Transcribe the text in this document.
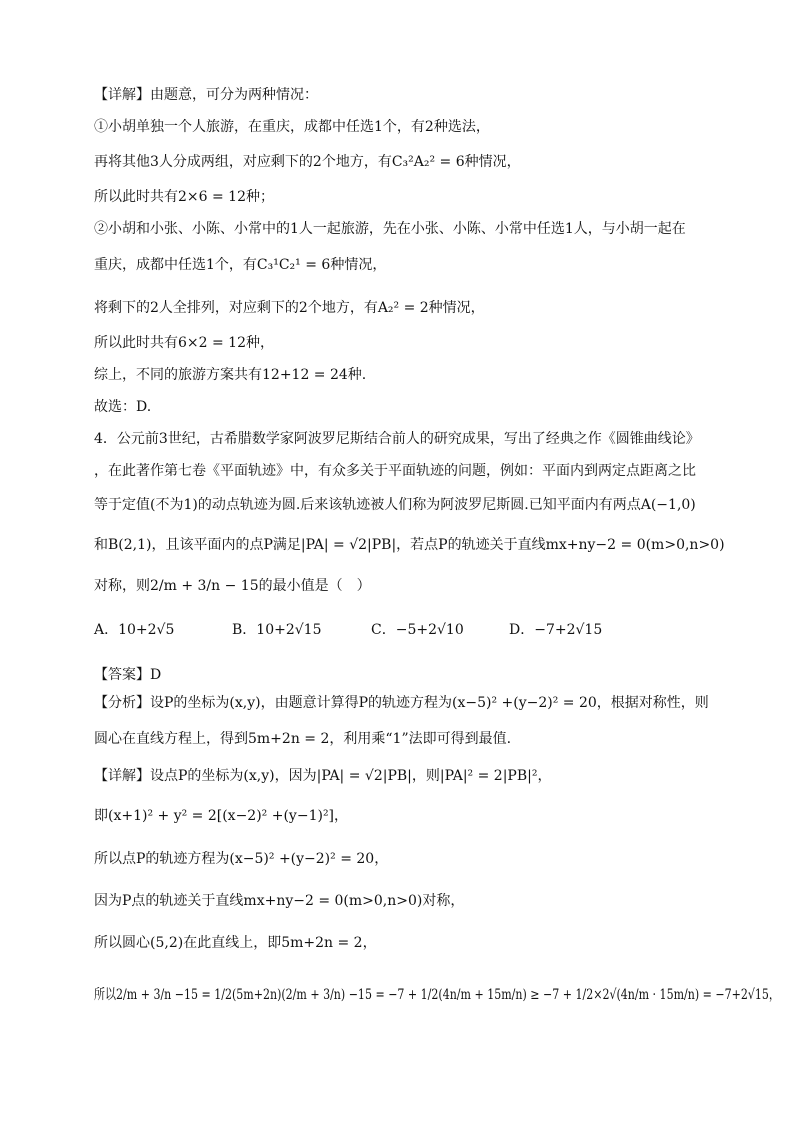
【详解】由题意，可分为两种情况：
①小胡单独一个人旅游，在重庆，成都中任选1个，有2种选法，
再将其他3人分成两组，对应剩下的2个地方，有C₃²A₂² = 6种情况，
所以此时共有2×6 = 12种；
②小胡和小张、小陈、小常中的1人一起旅游，先在小张、小陈、小常中任选1人，与小胡一起在
重庆，成都中任选1个，有C₃¹C₂¹ = 6种情况，
将剩下的2人全排列，对应剩下的2个地方，有A₂² = 2种情况，
所以此时共有6×2 = 12种，
综上，不同的旅游方案共有12+12 = 24种.
故选：D.
4．公元前3世纪，古希腊数学家阿波罗尼斯结合前人的研究成果，写出了经典之作《圆锥曲线论》
，在此著作第七卷《平面轨迹》中，有众多关于平面轨迹的问题，例如：平面内到两定点距离之比
等于定值(不为1)的动点轨迹为圆.后来该轨迹被人们称为阿波罗尼斯圆.已知平面内有两点A(−1,0)
和B(2,1)，且该平面内的点P满足|PA| = √2|PB|，若点P的轨迹关于直线mx+ny−2 = 0(m>0,n>0)
对称，则2/m + 3/n − 15的最小值是（　）
【答案】D
【分析】设P的坐标为(x,y)，由题意计算得P的轨迹方程为(x−5)² +(y−2)² = 20，根据对称性，则
圆心在直线方程上，得到5m+2n = 2，利用乘“1”法即可得到最值.
【详解】设点P的坐标为(x,y)，因为|PA| = √2|PB|，则|PA|² = 2|PB|²，
即(x+1)² + y² = 2[(x−2)² +(y−1)²]，
所以点P的轨迹方程为(x−5)² +(y−2)² = 20，
因为P点的轨迹关于直线mx+ny−2 = 0(m>0,n>0)对称，
所以圆心(5,2)在此直线上，即5m+2n = 2，
所以2/m + 3/n −15 = 1/2(5m+2n)(2/m + 3/n) −15 = −7 + 1/2(4n/m + 15m/n) ≥ −7 + 1/2×2√(4n/m · 15m/n) = −7+2√15，
A．10+2√5	B．10+2√15	C．−5+2√10	D．−7+2√15
